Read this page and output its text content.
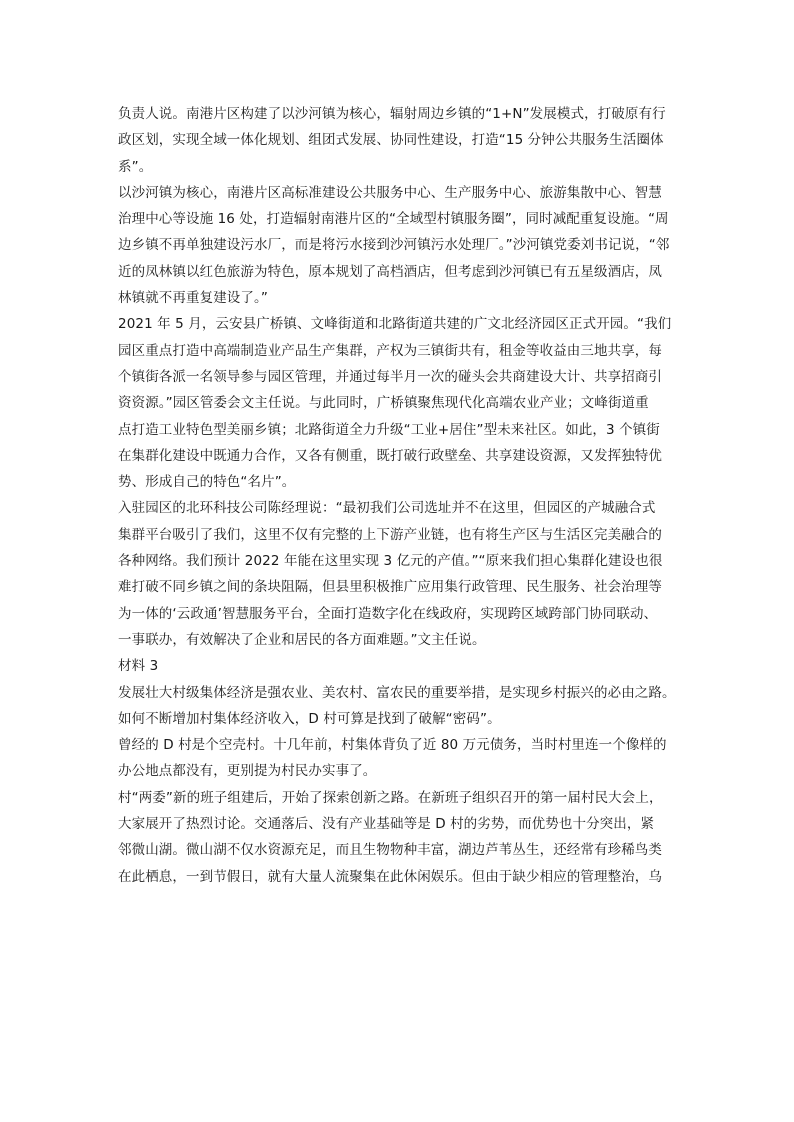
负责人说。南港片区构建了以沙河镇为核心，辐射周边乡镇的“1+N”发展模式，打破原有行
政区划，实现全域一体化规划、组团式发展、协同性建设，打造“15 分钟公共服务生活圈体
系”。
以沙河镇为核心，南港片区高标准建设公共服务中心、生产服务中心、旅游集散中心、智慧
治理中心等设施 16 处，打造辐射南港片区的“全域型村镇服务圈”，同时减配重复设施。“周
边乡镇不再单独建设污水厂，而是将污水接到沙河镇污水处理厂。”沙河镇党委刘书记说，“邻
近的凤林镇以红色旅游为特色，原本规划了高档酒店，但考虑到沙河镇已有五星级酒店，凤
林镇就不再重复建设了。”
2021 年 5 月，云安县广桥镇、文峰街道和北路街道共建的广文北经济园区正式开园。“我们
园区重点打造中高端制造业产品生产集群，产权为三镇街共有，租金等收益由三地共享，每
个镇街各派一名领导参与园区管理，并通过每半月一次的碰头会共商建设大计、共享招商引
资资源。”园区管委会文主任说。与此同时，广桥镇聚焦现代化高端农业产业；文峰街道重
点打造工业特色型美丽乡镇；北路街道全力升级“工业+居住”型未来社区。如此，3 个镇街
在集群化建设中既通力合作，又各有侧重，既打破行政壁垒、共享建设资源，又发挥独特优
势、形成自己的特色“名片”。
入驻园区的北环科技公司陈经理说：“最初我们公司选址并不在这里，但园区的产城融合式
集群平台吸引了我们，这里不仅有完整的上下游产业链，也有将生产区与生活区完美融合的
各种网络。我们预计 2022 年能在这里实现 3 亿元的产值。”“原来我们担心集群化建设也很
难打破不同乡镇之间的条块阻隔，但县里积极推广应用集行政管理、民生服务、社会治理等
为一体的‘云政通’智慧服务平台，全面打造数字化在线政府，实现跨区域跨部门协同联动、
一事联办，有效解决了企业和居民的各方面难题。”文主任说。
材料 3
发展壮大村级集体经济是强农业、美农村、富农民的重要举措，是实现乡村振兴的必由之路。
如何不断增加村集体经济收入，D 村可算是找到了破解“密码”。
曾经的 D 村是个空壳村。十几年前，村集体背负了近 80 万元债务，当时村里连一个像样的
办公地点都没有，更别提为村民办实事了。
村“两委”新的班子组建后，开始了探索创新之路。在新班子组织召开的第一届村民大会上，
大家展开了热烈讨论。交通落后、没有产业基础等是 D 村的劣势，而优势也十分突出，紧
邻微山湖。微山湖不仅水资源充足，而且生物物种丰富，湖边芦苇丛生，还经常有珍稀鸟类
在此栖息，一到节假日，就有大量人流聚集在此休闲娱乐。但由于缺少相应的管理整治，乌
